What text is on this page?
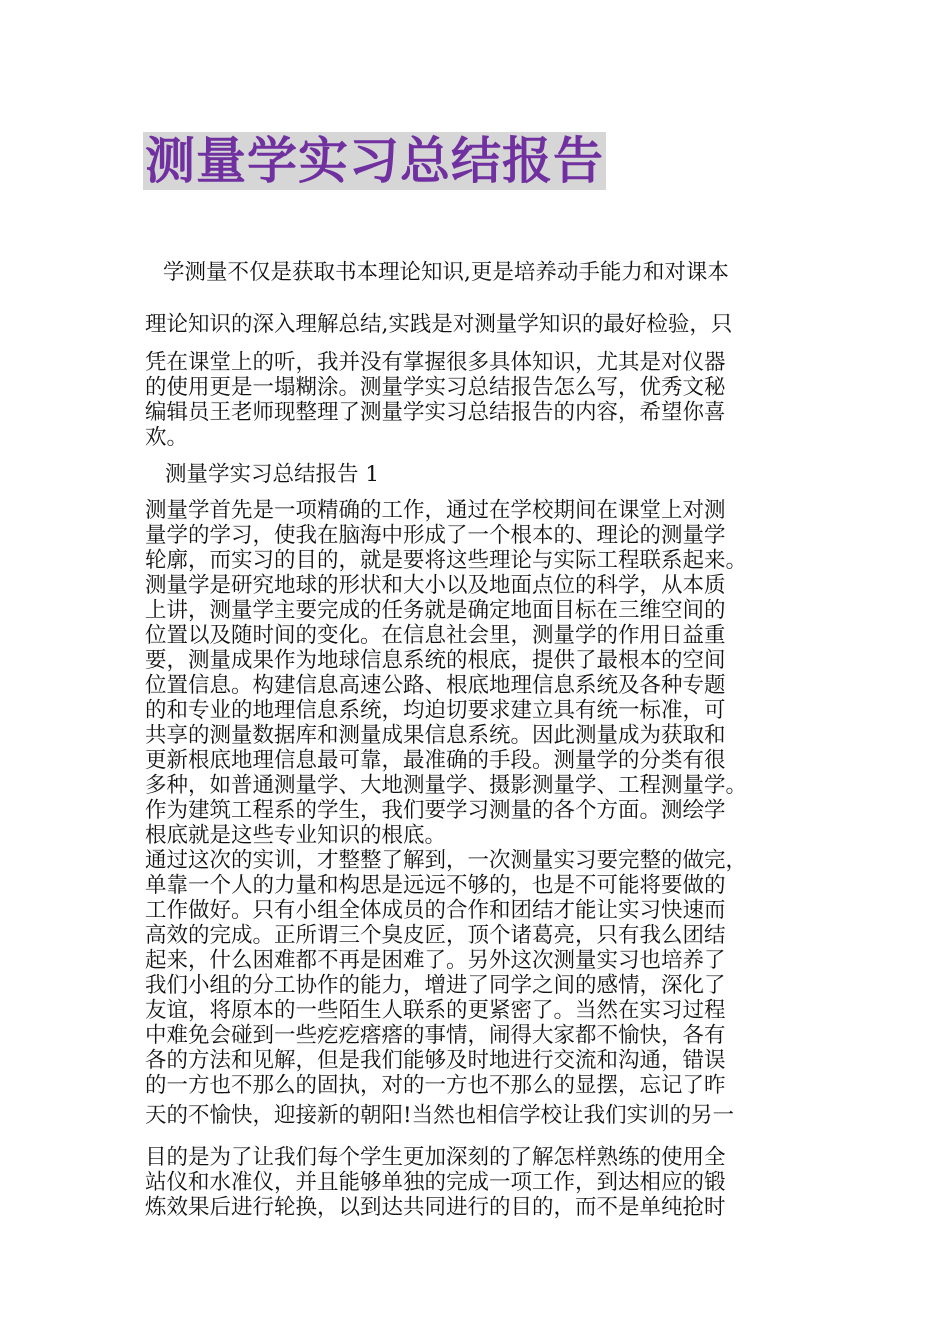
测量学实习总结报告
学测量不仅是获取书本理论知识,更是培养动手能力和对课本
理论知识的深入理解总结,实践是对测量学知识的最好检验，只
凭在课堂上的听，我并没有掌握很多具体知识，尤其是对仪器
的使用更是一塌糊涂。测量学实习总结报告怎么写，优秀文秘
编辑员王老师现整理了测量学实习总结报告的内容，希望你喜
欢。
测量学实习总结报告 1
测量学首先是一项精确的工作，通过在学校期间在课堂上对测
量学的学习，使我在脑海中形成了一个根本的、理论的测量学
轮廓，而实习的目的，就是要将这些理论与实际工程联系起来。
测量学是研究地球的形状和大小以及地面点位的科学，从本质
上讲，测量学主要完成的任务就是确定地面目标在三维空间的
位置以及随时间的变化。在信息社会里，测量学的作用日益重
要，测量成果作为地球信息系统的根底，提供了最根本的空间
位置信息。构建信息高速公路、根底地理信息系统及各种专题
的和专业的地理信息系统，均迫切要求建立具有统一标准，可
共享的测量数据库和测量成果信息系统。因此测量成为获取和
更新根底地理信息最可靠，最准确的手段。测量学的分类有很
多种，如普通测量学、大地测量学、摄影测量学、工程测量学。
作为建筑工程系的学生，我们要学习测量的各个方面。测绘学
根底就是这些专业知识的根底。
通过这次的实训，才整整了解到，一次测量实习要完整的做完，
单靠一个人的力量和构思是远远不够的，也是不可能将要做的
工作做好。只有小组全体成员的合作和团结才能让实习快速而
高效的完成。正所谓三个臭皮匠，顶个诸葛亮，只有我么团结
起来，什么困难都不再是困难了。另外这次测量实习也培养了
我们小组的分工协作的能力，增进了同学之间的感情，深化了
友谊，将原本的一些陌生人联系的更紧密了。当然在实习过程
中难免会碰到一些疙疙瘩瘩的事情，闹得大家都不愉快，各有
各的方法和见解，但是我们能够及时地进行交流和沟通，错误
的一方也不那么的固执，对的一方也不那么的显摆，忘记了昨
天的不愉快，迎接新的朝阳!当然也相信学校让我们实训的另一
目的是为了让我们每个学生更加深刻的了解怎样熟练的使用全
站仪和水准仪，并且能够单独的完成一项工作，到达相应的锻
炼效果后进行轮换，以到达共同进行的目的，而不是单纯抢时
